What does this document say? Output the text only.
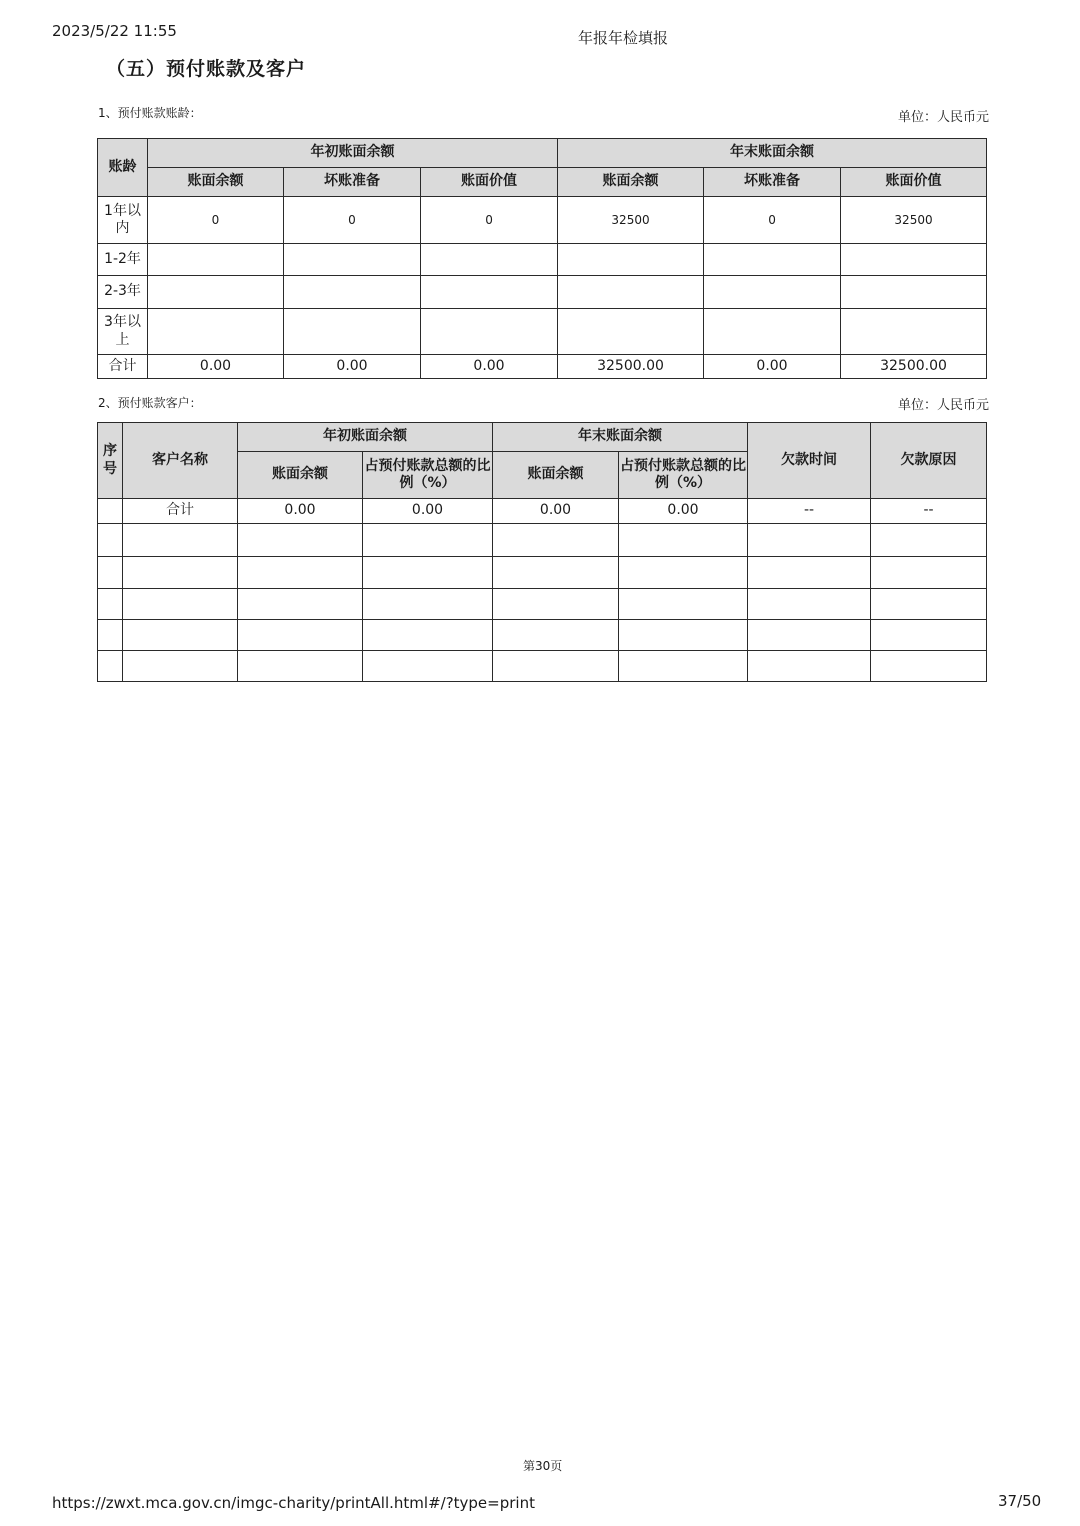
2023/5/22 11:55	年报年检填报
（五）预付账款及客户
1、预付账款账龄：	单位：人民币元
账龄	年初账面余额			年末账面余额		
	账面余额	坏账准备	账面价值	账面余额	坏账准备	账面价值
1年以内	0	0	0	32500	0	32500
1-2年						
2-3年						
3年以上						
合计	0.00	0.00	0.00	32500.00	0.00	32500.00
2、预付账款客户：	单位：人民币元
序号	客户名称	年初账面余额		年末账面余额		欠款时间	欠款原因
		账面余额	占预付账款总额的比例（%）	账面余额	占预付账款总额的比例（%）		
	合计	0.00	0.00	0.00	0.00	--	--

第30页
https://zwxt.mca.gov.cn/imgc-charity/printAll.html#/?type=print	37/50
